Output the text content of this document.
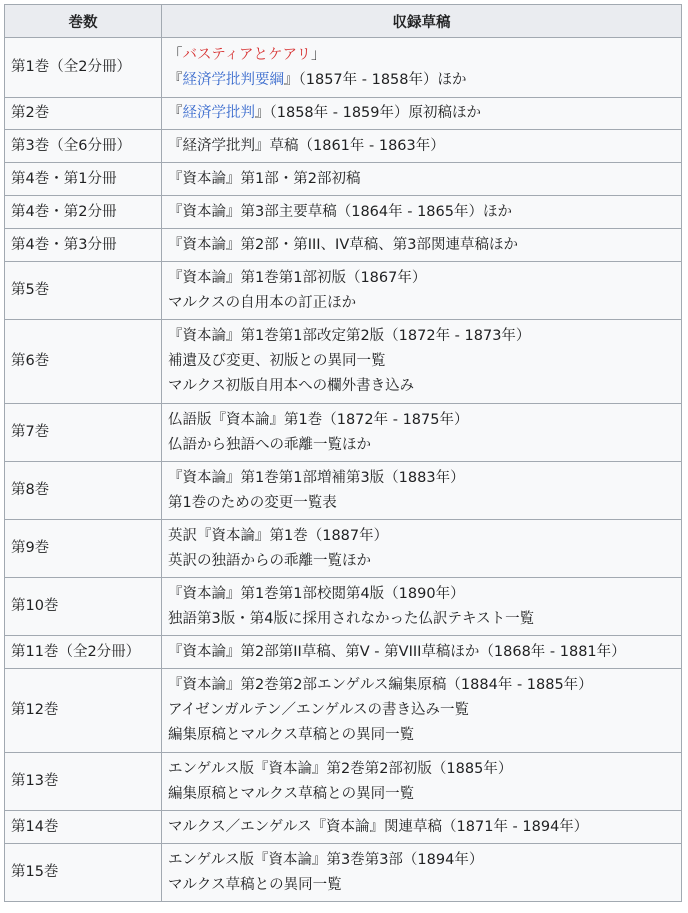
巻数	収録草稿
第1巻（全2分冊）	「バスティアとケアリ」
『経済学批判要綱』（1857年 - 1858年）ほか

第2巻	『経済学批判』（1858年 - 1859年）原初稿ほか

第3巻（全6分冊）	『経済学批判』草稿（1861年 - 1863年）

第4巻・第1分冊	『資本論』第1部・第2部初稿

第4巻・第2分冊	『資本論』第3部主要草稿（1864年 - 1865年）ほか

第4巻・第3分冊	『資本論』第2部・第III、IV草稿、第3部関連草稿ほか

第5巻	『資本論』第1巻第1部初版（1867年）
マルクスの自用本の訂正ほか

第6巻	『資本論』第1巻第1部改定第2版（1872年 - 1873年）
補遺及び変更、初版との異同一覧
マルクス初版自用本への欄外書き込み

第7巻	仏語版『資本論』第1巻（1872年 - 1875年）
仏語から独語への乖離一覧ほか

第8巻	『資本論』第1巻第1部増補第3版（1883年）
第1巻のための変更一覧表

第9巻	英訳『資本論』第1巻（1887年）
英訳の独語からの乖離一覧ほか

第10巻	『資本論』第1巻第1部校閲第4版（1890年）
独語第3版・第4版に採用されなかった仏訳テキスト一覧

第11巻（全2分冊）	『資本論』第2部第II草稿、第V - 第VIII草稿ほか（1868年 - 1881年）

第12巻	『資本論』第2巻第2部エンゲルス編集原稿（1884年 - 1885年）
アイゼンガルテン／エンゲルスの書き込み一覧
編集原稿とマルクス草稿との異同一覧

第13巻	エンゲルス版『資本論』第2巻第2部初版（1885年）
編集原稿とマルクス草稿との異同一覧

第14巻	マルクス／エンゲルス『資本論』関連草稿（1871年 - 1894年）

第15巻	エンゲルス版『資本論』第3巻第3部（1894年）
マルクス草稿との異同一覧
